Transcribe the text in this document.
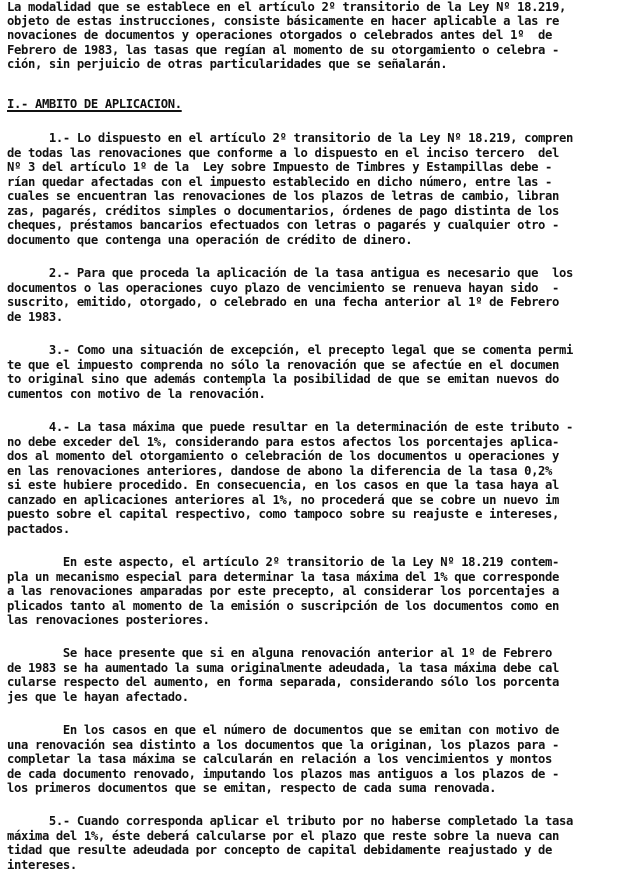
La modalidad que se establece en el artículo 2º transitorio de la Ley Nº 18.219,
objeto de estas instrucciones, consiste básicamente en hacer aplicable a las re
novaciones de documentos y operaciones otorgados o celebrados antes del 1º  de
Febrero de 1983, las tasas que regían al momento de su otorgamiento o celebra -
ción, sin perjuicio de otras particularidades que se señalarán.
I.- AMBITO DE APLICACION.
1.- Lo dispuesto en el artículo 2º transitorio de la Ley Nº 18.219, compren
de todas las renovaciones que conforme a lo dispuesto en el inciso tercero  del
Nº 3 del artículo 1º de la  Ley sobre Impuesto de Timbres y Estampillas debe -
rían quedar afectadas con el impuesto establecido en dicho número, entre las -
cuales se encuentran las renovaciones de los plazos de letras de cambio, libran
zas, pagarés, créditos simples o documentarios, órdenes de pago distinta de los
cheques, préstamos bancarios efectuados con letras o pagarés y cualquier otro -
documento que contenga una operación de crédito de dinero.
2.- Para que proceda la aplicación de la tasa antigua es necesario que  los
documentos o las operaciones cuyo plazo de vencimiento se renueva hayan sido  -
suscrito, emitido, otorgado, o celebrado en una fecha anterior al 1º de Febrero
de 1983.
3.- Como una situación de excepción, el precepto legal que se comenta permi
te que el impuesto comprenda no sólo la renovación que se afectúe en el documen
to original sino que además contempla la posibilidad de que se emitan nuevos do
cumentos con motivo de la renovación.
4.- La tasa máxima que puede resultar en la determinación de este tributo -
no debe exceder del 1%, considerando para estos afectos los porcentajes aplica-
dos al momento del otorgamiento o celebración de los documentos u operaciones y
en las renovaciones anteriores, dandose de abono la diferencia de la tasa 0,2%
si este hubiere procedido. En consecuencia, en los casos en que la tasa haya al
canzado en aplicaciones anteriores al 1%, no procederá que se cobre un nuevo im
puesto sobre el capital respectivo, como tampoco sobre su reajuste e intereses,
pactados.
En este aspecto, el artículo 2º transitorio de la Ley Nº 18.219 contem-
pla un mecanismo especial para determinar la tasa máxima del 1% que corresponde
a las renovaciones amparadas por este precepto, al considerar los porcentajes a
plicados tanto al momento de la emisión o suscripción de los documentos como en
las renovaciones posteriores.
Se hace presente que si en alguna renovación anterior al 1º de Febrero
de 1983 se ha aumentado la suma originalmente adeudada, la tasa máxima debe cal
cularse respecto del aumento, en forma separada, considerando sólo los porcenta
jes que le hayan afectado.
En los casos en que el número de documentos que se emitan con motivo de
una renovación sea distinto a los documentos que la originan, los plazos para -
completar la tasa máxima se calcularán en relación a los vencimientos y montos
de cada documento renovado, imputando los plazos mas antiguos a los plazos de -
los primeros documentos que se emitan, respecto de cada suma renovada.
5.- Cuando corresponda aplicar el tributo por no haberse completado la tasa
máxima del 1%, éste deberá calcularse por el plazo que reste sobre la nueva can
tidad que resulte adeudada por concepto de capital debidamente reajustado y de
intereses.
